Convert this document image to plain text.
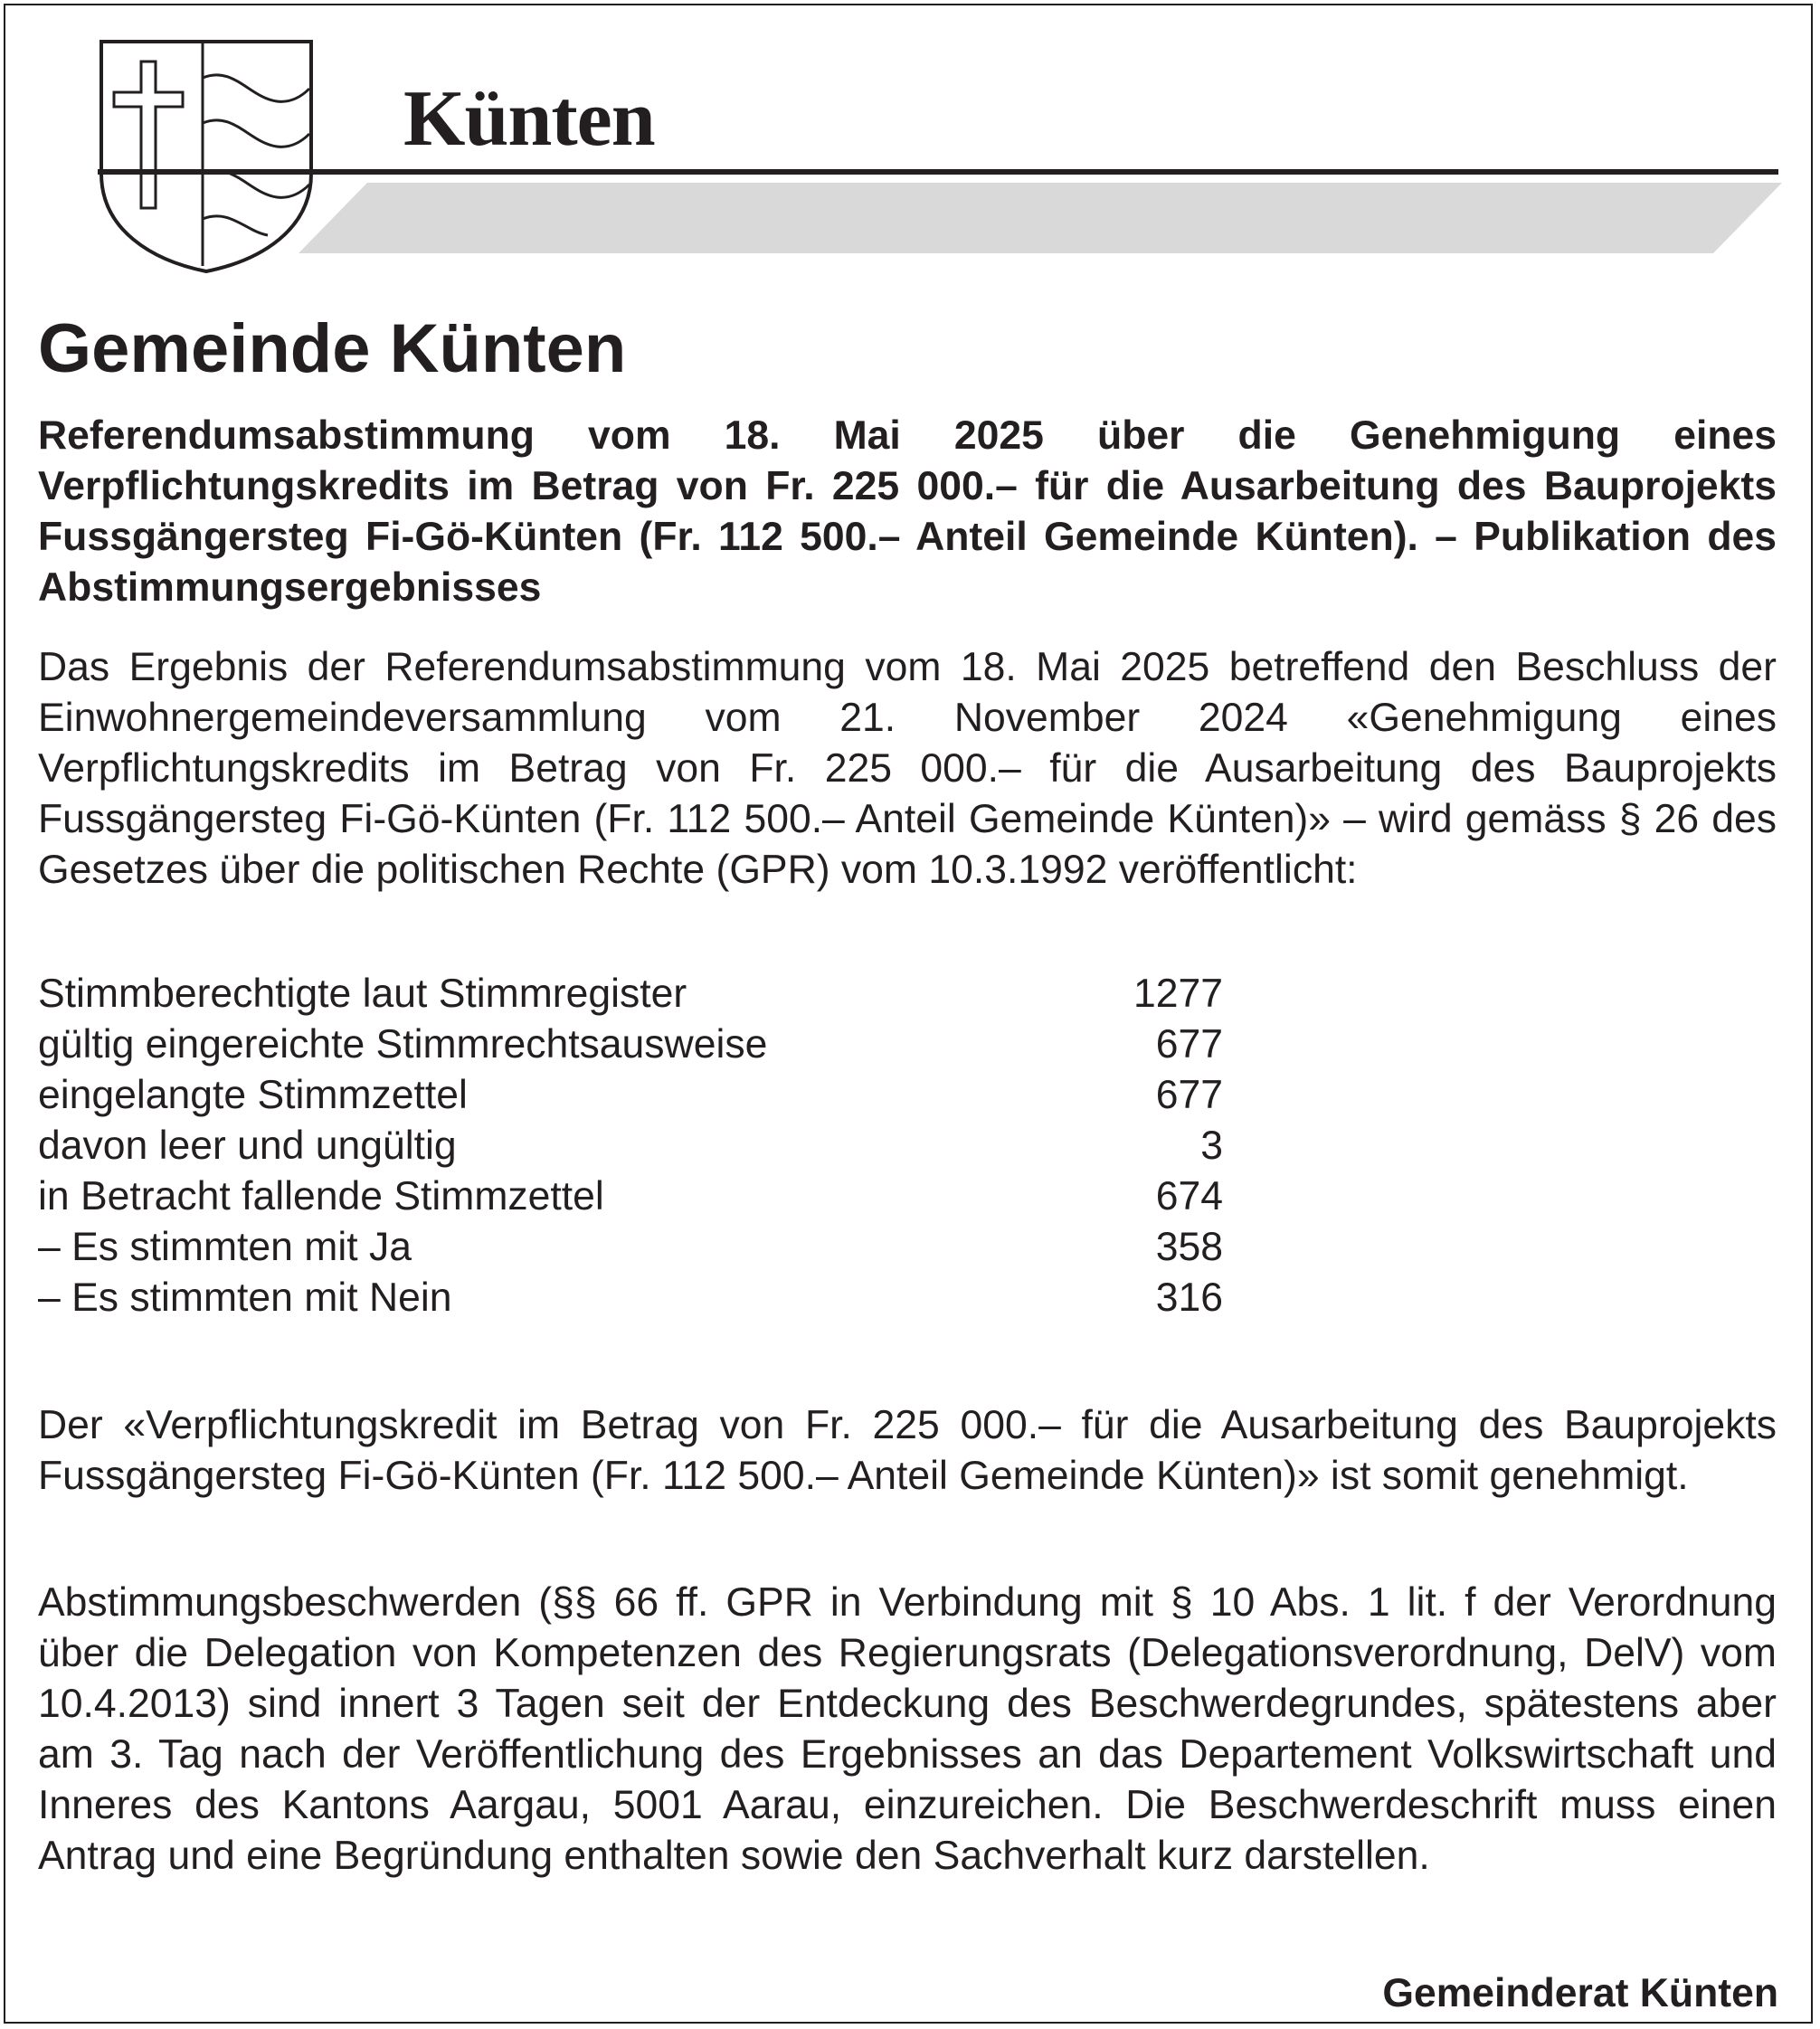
Künten
Gemeinde Künten
Referendumsabstimmung vom 18. Mai 2025 über die Genehmigung eines Verpflichtungskredits im Betrag von Fr. 225 000.– für die Ausarbeitung des Bauprojekts Fussgängersteg Fi-Gö-Künten (Fr. 112 500.– Anteil Gemeinde Künten). – Publikation des Abstimmungsergebnisses
Das Ergebnis der Referendumsabstimmung vom 18. Mai 2025 betreffend den Beschluss der Einwohnergemeindeversammlung vom 21. November 2024 «Genehmigung eines Verpflichtungskredits im Betrag von Fr. 225 000.– für die Ausarbeitung des Bauprojekts Fussgängersteg Fi-Gö-Künten (Fr. 112 500.– Anteil Gemeinde Künten)» – wird gemäss § 26 des Gesetzes über die politischen Rechte (GPR) vom 10.3.1992 veröffentlicht:
Stimmberechtigte laut Stimmregister	1277
gültig eingereichte Stimmrechtsausweise	677
eingelangte Stimmzettel	677
davon leer und ungültig	3
in Betracht fallende Stimmzettel	674
– Es stimmten mit Ja	358
– Es stimmten mit Nein	316
Der «Verpflichtungskredit im Betrag von Fr. 225 000.– für die Ausarbeitung des Bauprojekts Fussgängersteg Fi-Gö-Künten (Fr. 112 500.– Anteil Gemeinde Künten)» ist somit genehmigt.
Abstimmungsbeschwerden (§§ 66 ff. GPR in Verbindung mit § 10 Abs. 1 lit. f der Verordnung über die Delegation von Kompetenzen des Regierungsrats (Delegationsverordnung, DelV) vom 10.4.2013) sind innert 3 Tagen seit der Entdeckung des Beschwerdegrundes, spätestens aber am 3. Tag nach der Veröffentlichung des Ergebnisses an das Departement Volkswirtschaft und Inneres des Kantons Aargau, 5001 Aarau, einzureichen. Die Beschwerdeschrift muss einen Antrag und eine Begründung enthalten sowie den Sachverhalt kurz darstellen.
Gemeinderat Künten
